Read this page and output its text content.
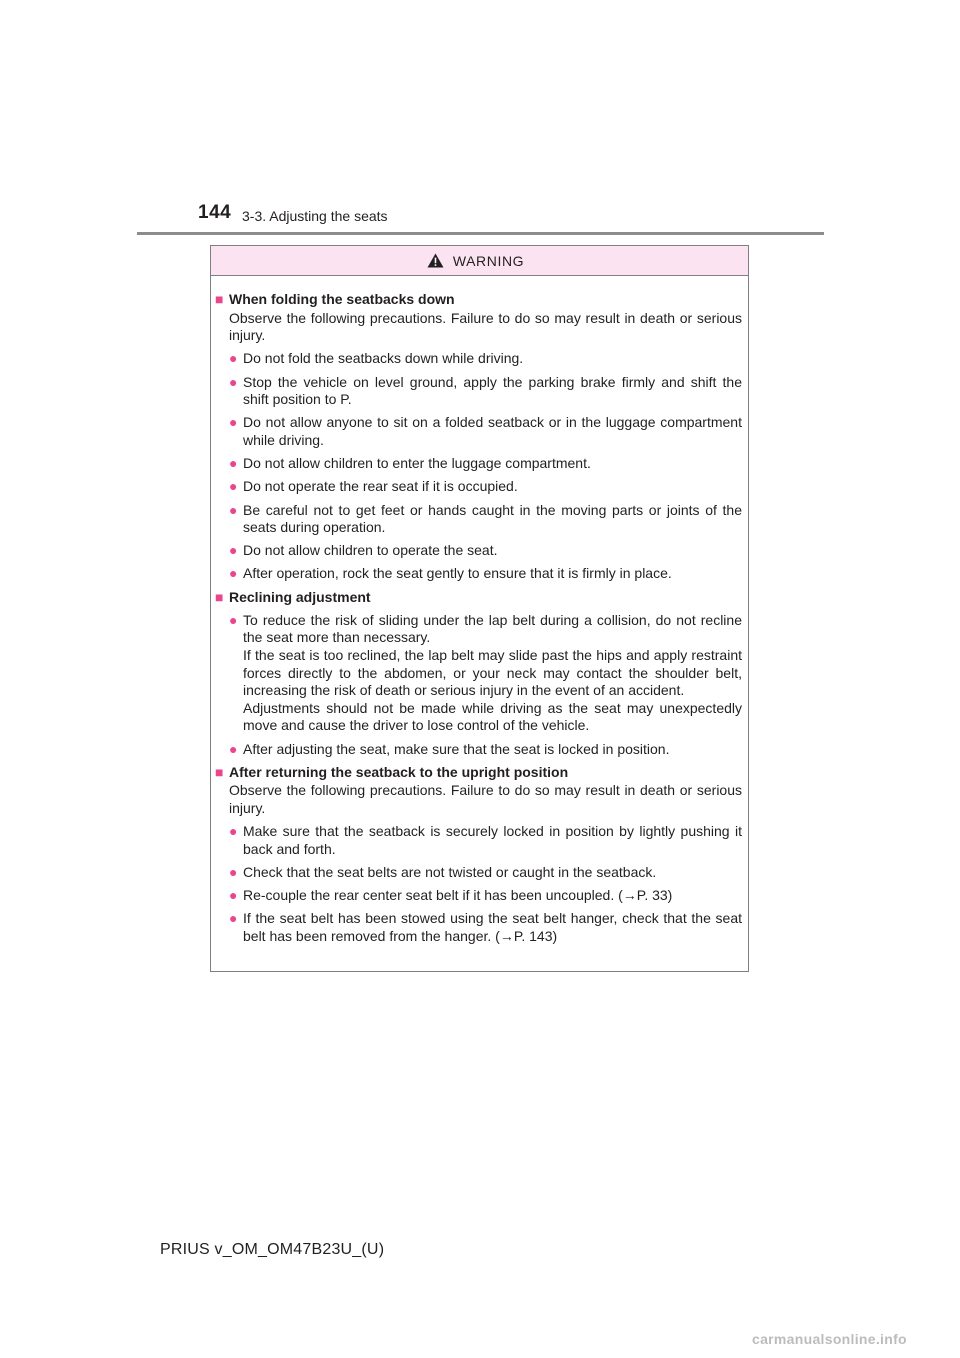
144 3-3. Adjusting the seats
WARNING
■ When folding the seatbacks down
Observe the following precautions. Failure to do so may result in death or serious injury.
● Do not fold the seatbacks down while driving.
● Stop the vehicle on level ground, apply the parking brake firmly and shift the shift position to P.
● Do not allow anyone to sit on a folded seatback or in the luggage compartment while driving.
● Do not allow children to enter the luggage compartment.
● Do not operate the rear seat if it is occupied.
● Be careful not to get feet or hands caught in the moving parts or joints of the seats during operation.
● Do not allow children to operate the seat.
● After operation, rock the seat gently to ensure that it is firmly in place.
■ Reclining adjustment
● To reduce the risk of sliding under the lap belt during a collision, do not recline the seat more than necessary.
If the seat is too reclined, the lap belt may slide past the hips and apply restraint forces directly to the abdomen, or your neck may contact the shoulder belt, increasing the risk of death or serious injury in the event of an accident.
Adjustments should not be made while driving as the seat may unexpectedly move and cause the driver to lose control of the vehicle.
● After adjusting the seat, make sure that the seat is locked in position.
■ After returning the seatback to the upright position
Observe the following precautions. Failure to do so may result in death or serious injury.
● Make sure that the seatback is securely locked in position by lightly pushing it back and forth.
● Check that the seat belts are not twisted or caught in the seatback.
● Re-couple the rear center seat belt if it has been uncoupled. (→P. 33)
● If the seat belt has been stowed using the seat belt hanger, check that the seat belt has been removed from the hanger. (→P. 143)
PRIUS v_OM_OM47B23U_(U)
carmanualsonline.info
